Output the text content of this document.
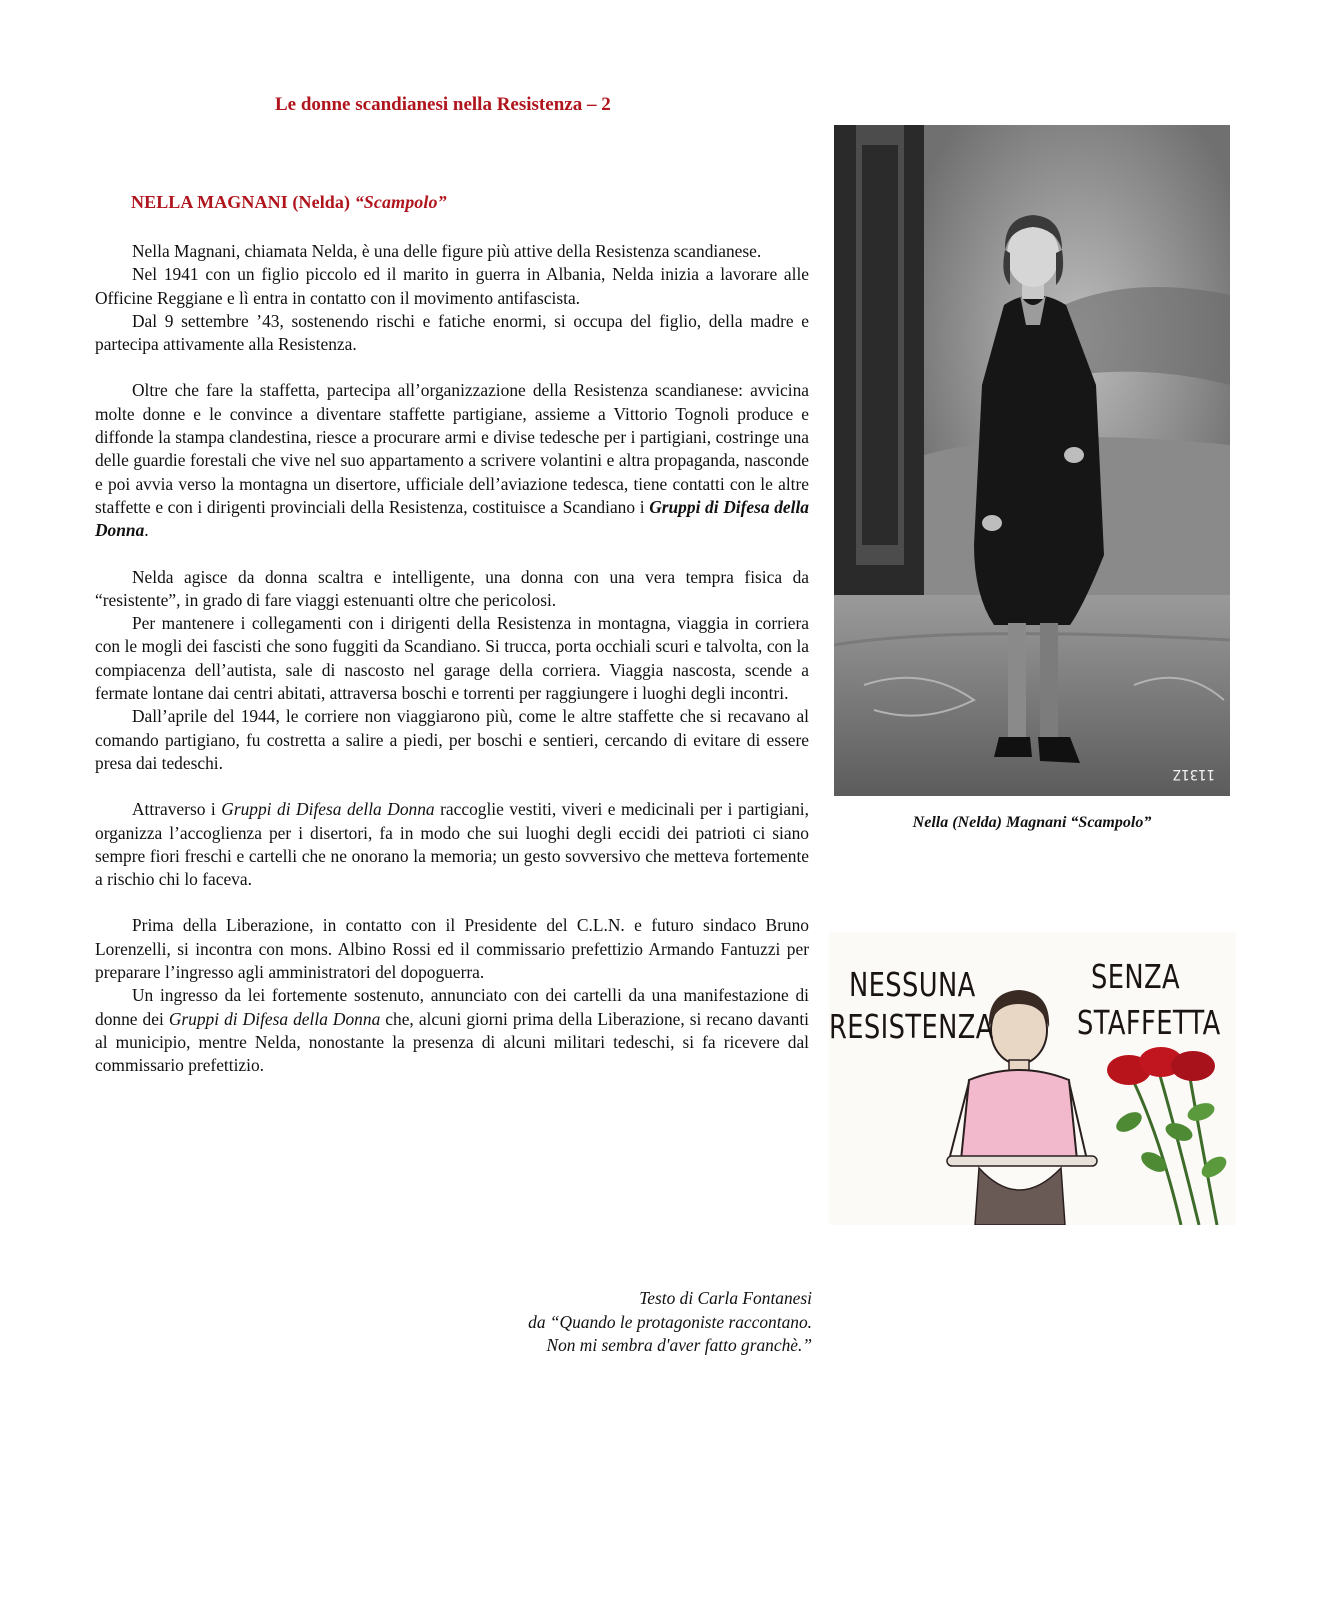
Le donne scandianesi nella Resistenza – 2
NELLA MAGNANI (Nelda) “Scampolo”

Nella Magnani, chiamata Nelda, è una delle figure più attive della Resistenza scandianese.

Nel 1941 con un figlio piccolo ed il marito in guerra in Albania, Nelda inizia a lavorare alle Officine Reggiane e lì entra in contatto con il movimento antifascista.

Dal 9 settembre ’43, sostenendo rischi e fatiche enormi, si occupa del figlio, della madre e partecipa attivamente alla Resistenza.

Oltre che fare la staffetta, partecipa all’organizzazione della Resistenza scandianese: avvicina molte donne e le convince a diventare staffette partigiane, assieme a Vittorio Tognoli produce e diffonde la stampa clandestina, riesce a procurare armi e divise tedesche per i partigiani, costringe una delle guardie forestali che vive nel suo appartamento a scrivere volantini e altra propaganda, nasconde e poi avvia verso la montagna un disertore, ufficiale dell’aviazione tedesca, tiene contatti con le altre staffette e con i dirigenti provinciali della Resistenza, costituisce a Scandiano i Gruppi di Difesa della Donna.

Nelda agisce da donna scaltra e intelligente, una donna con una vera tempra fisica da “resistente”, in grado di fare viaggi estenuanti oltre che pericolosi.

Per mantenere i collegamenti con i dirigenti della Resistenza in montagna, viaggia in corriera con le mogli dei fascisti che sono fuggiti da Scandiano. Si trucca, porta occhiali scuri e talvolta, con la compiacenza dell’autista, sale di nascosto nel garage della corriera. Viaggia nascosta, scende a fermate lontane dai centri abitati, attraversa boschi e torrenti per raggiungere i luoghi degli incontri.

Dall’aprile del 1944, le corriere non viaggiarono più, come le altre staffette che si recavano al comando partigiano, fu costretta a salire a piedi, per boschi e sentieri, cercando di evitare di essere presa dai tedeschi.

Attraverso i Gruppi di Difesa della Donna raccoglie vestiti, viveri e medicinali per i partigiani, organizza l’accoglienza per i disertori, fa in modo che sui luoghi degli eccidi dei patrioti ci siano sempre fiori freschi e cartelli che ne onorano la memoria; un gesto sovversivo che metteva fortemente a rischio chi lo faceva.

Prima della Liberazione, in contatto con il Presidente del C.L.N. e futuro sindaco Bruno Lorenzelli, si incontra con mons. Albino Rossi ed il commissario prefettizio Armando Fantuzzi per preparare l’ingresso agli amministratori del dopoguerra.

Un ingresso da lei fortemente sostenuto, annunciato con dei cartelli da una manifestazione di donne dei Gruppi di Difesa della Donna che, alcuni giorni prima della Liberazione, si recano davanti al municipio, mentre Nelda, nonostante la presenza di alcuni militari tedeschi, si fa ricevere dal commissario prefettizio.

1131Z
Nella (Nelda) Magnani “Scampolo”
NESSUNA
RESISTENZA
SENZA
STAFFETTA
Testo di Carla Fontanesi
da “Quando le protagoniste raccontano.
Non mi sembra d'aver fatto granchè.”
